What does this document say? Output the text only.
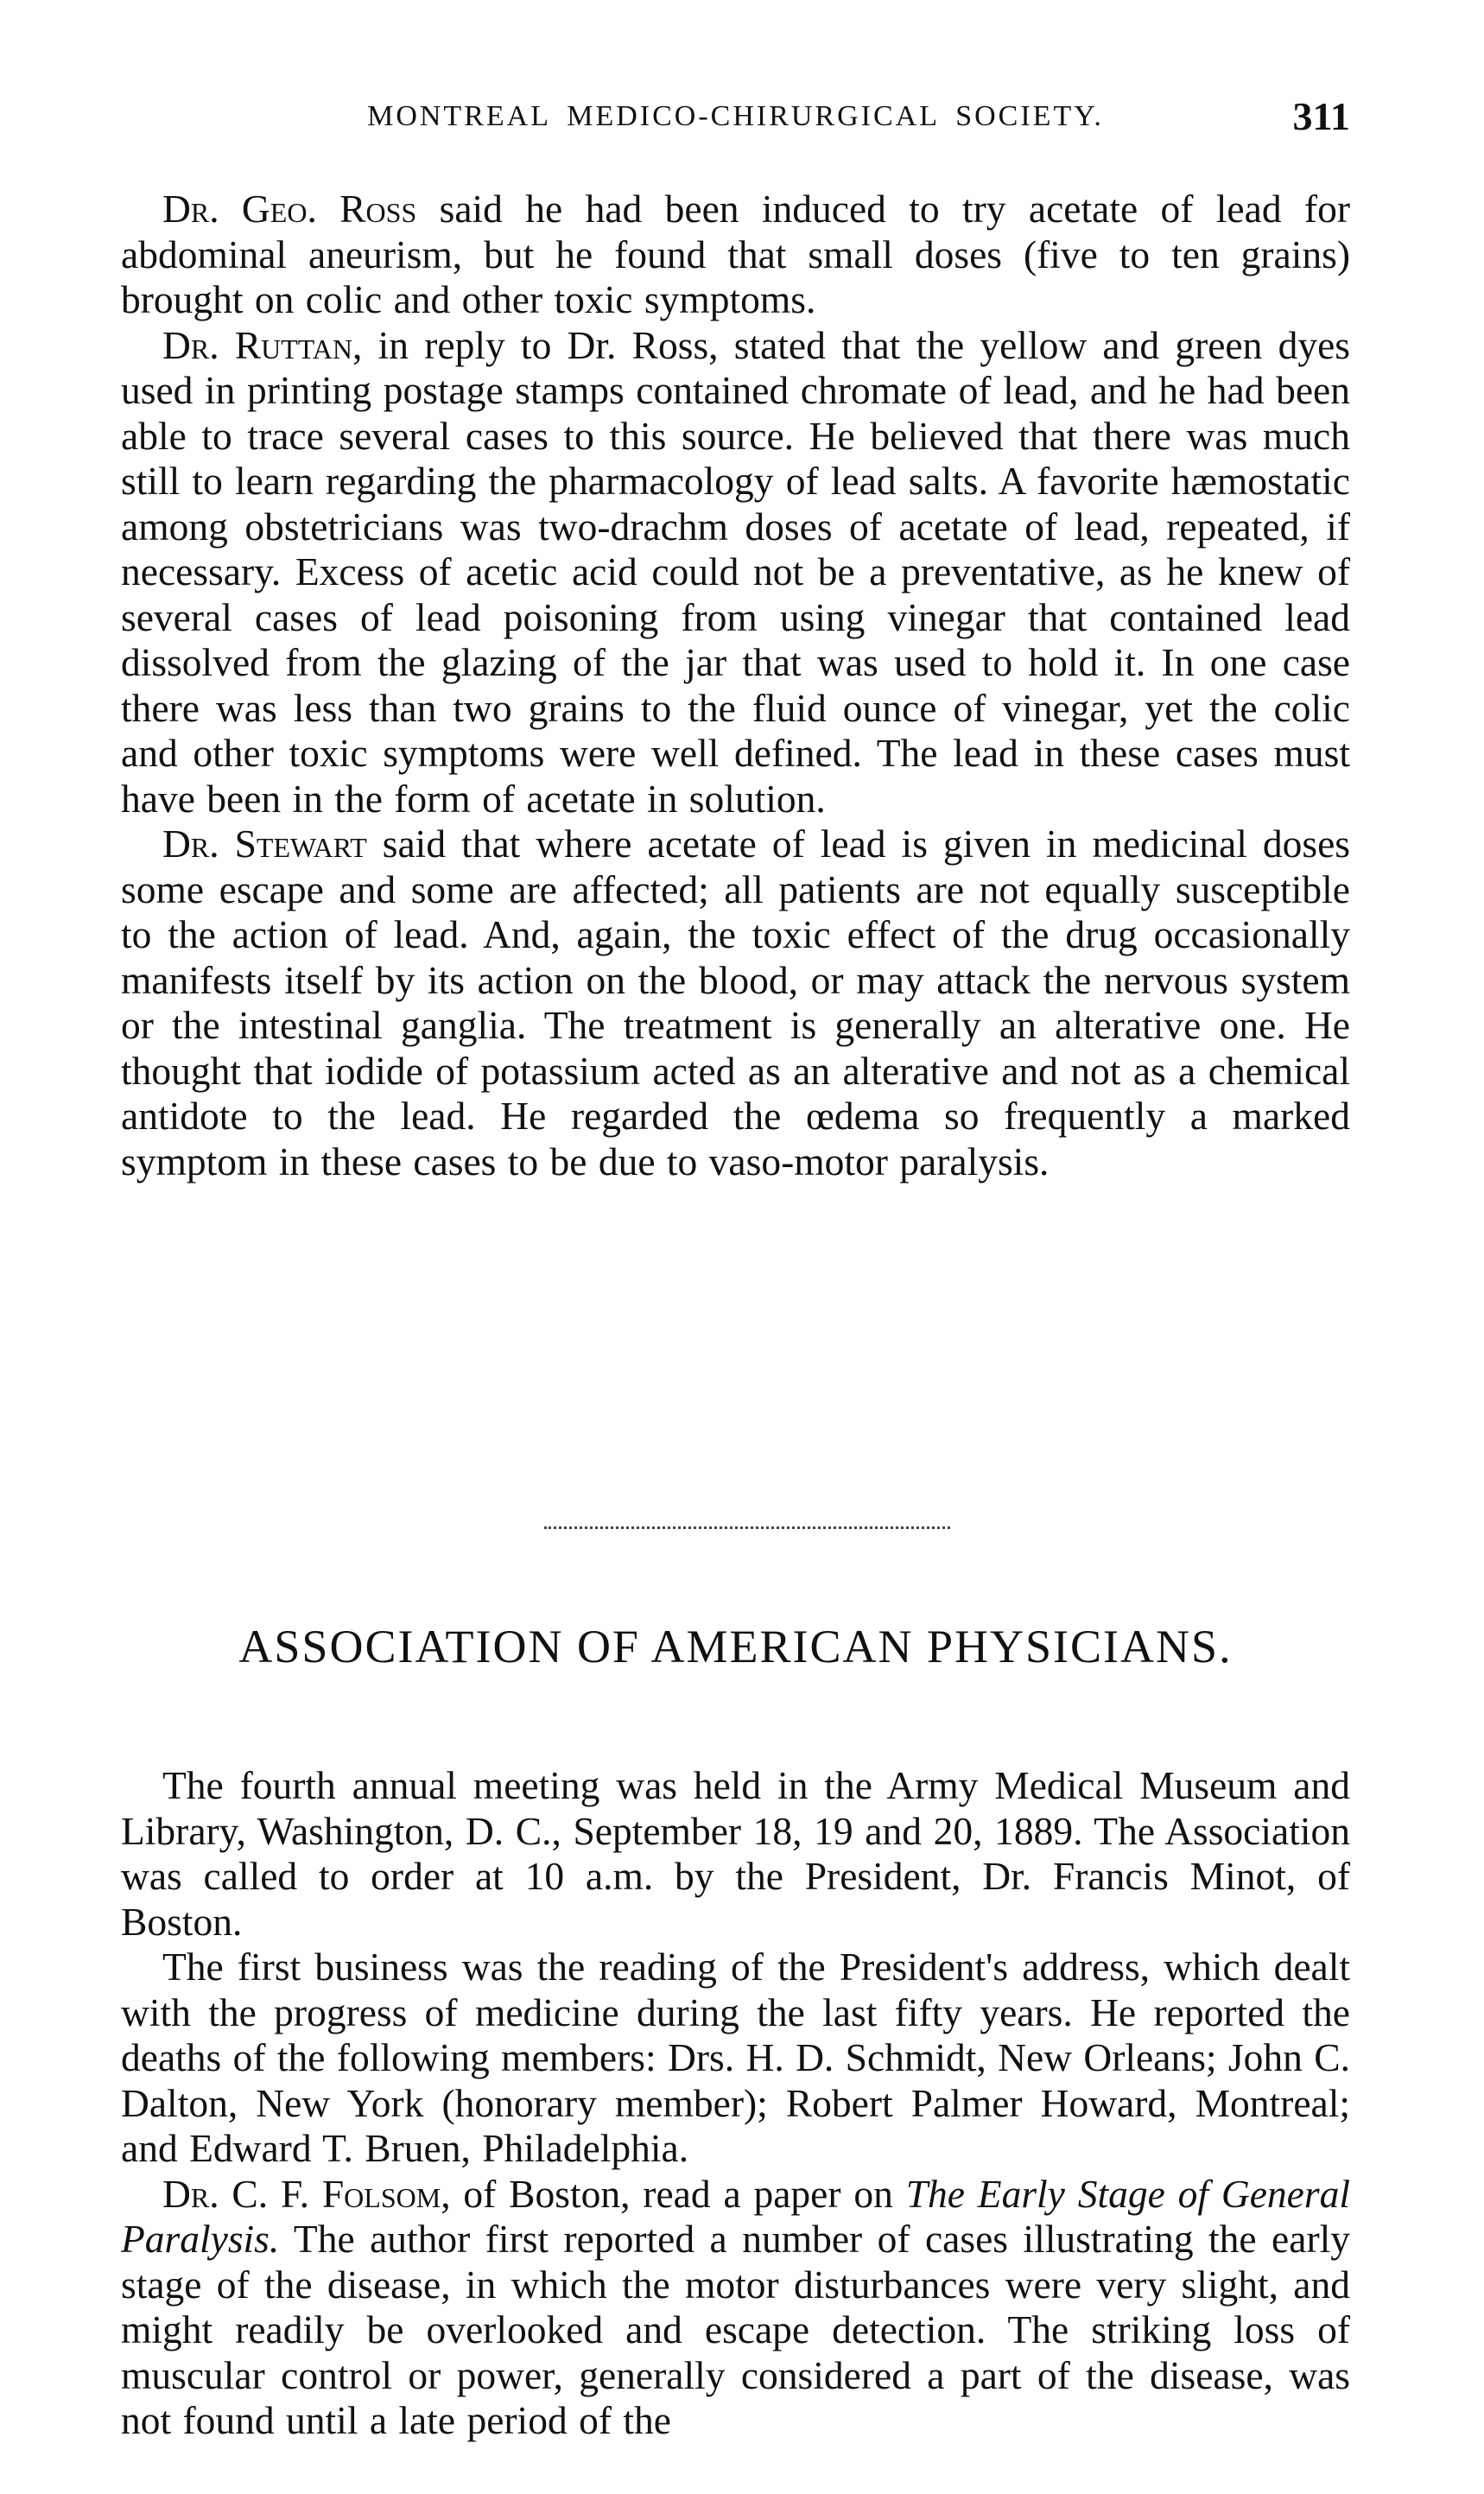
MONTREAL MEDICO-CHIRURGICAL SOCIETY.	311

Dr. Geo. Ross said he had been induced to try acetate of lead for abdominal aneurism, but he found that small doses (five to ten grains) brought on colic and other toxic symptoms.

Dr. Ruttan, in reply to Dr. Ross, stated that the yellow and green dyes used in printing postage stamps contained chromate of lead, and he had been able to trace several cases to this source. He believed that there was much still to learn regarding the pharmacology of lead salts. A favorite hæmostatic among obstetricians was two-drachm doses of acetate of lead, repeated, if necessary. Excess of acetic acid could not be a preventative, as he knew of several cases of lead poisoning from using vinegar that contained lead dissolved from the glazing of the jar that was used to hold it. In one case there was less than two grains to the fluid ounce of vinegar, yet the colic and other toxic symptoms were well defined. The lead in these cases must have been in the form of acetate in solution.

Dr. Stewart said that where acetate of lead is given in medicinal doses some escape and some are affected; all patients are not equally susceptible to the action of lead. And, again, the toxic effect of the drug occasionally manifests itself by its action on the blood, or may attack the nervous system or the intestinal ganglia. The treatment is generally an alterative one. He thought that iodide of potassium acted as an alterative and not as a chemical antidote to the lead. He regarded the œdema so frequently a marked symptom in these cases to be due to vaso-motor paralysis.

ASSOCIATION OF AMERICAN PHYSICIANS.

The fourth annual meeting was held in the Army Medical Museum and Library, Washington, D. C., September 18, 19 and 20, 1889. The Association was called to order at 10 a.m. by the President, Dr. Francis Minot, of Boston.

The first business was the reading of the President's address, which dealt with the progress of medicine during the last fifty years. He reported the deaths of the following members: Drs. H. D. Schmidt, New Orleans; John C. Dalton, New York (honorary member); Robert Palmer Howard, Montreal; and Edward T. Bruen, Philadelphia.

Dr. C. F. Folsom, of Boston, read a paper on The Early Stage of General Paralysis. The author first reported a number of cases illustrating the early stage of the disease, in which the motor disturbances were very slight, and might readily be overlooked and escape detection. The striking loss of muscular control or power, generally considered a part of the disease, was not found until a late period of the
